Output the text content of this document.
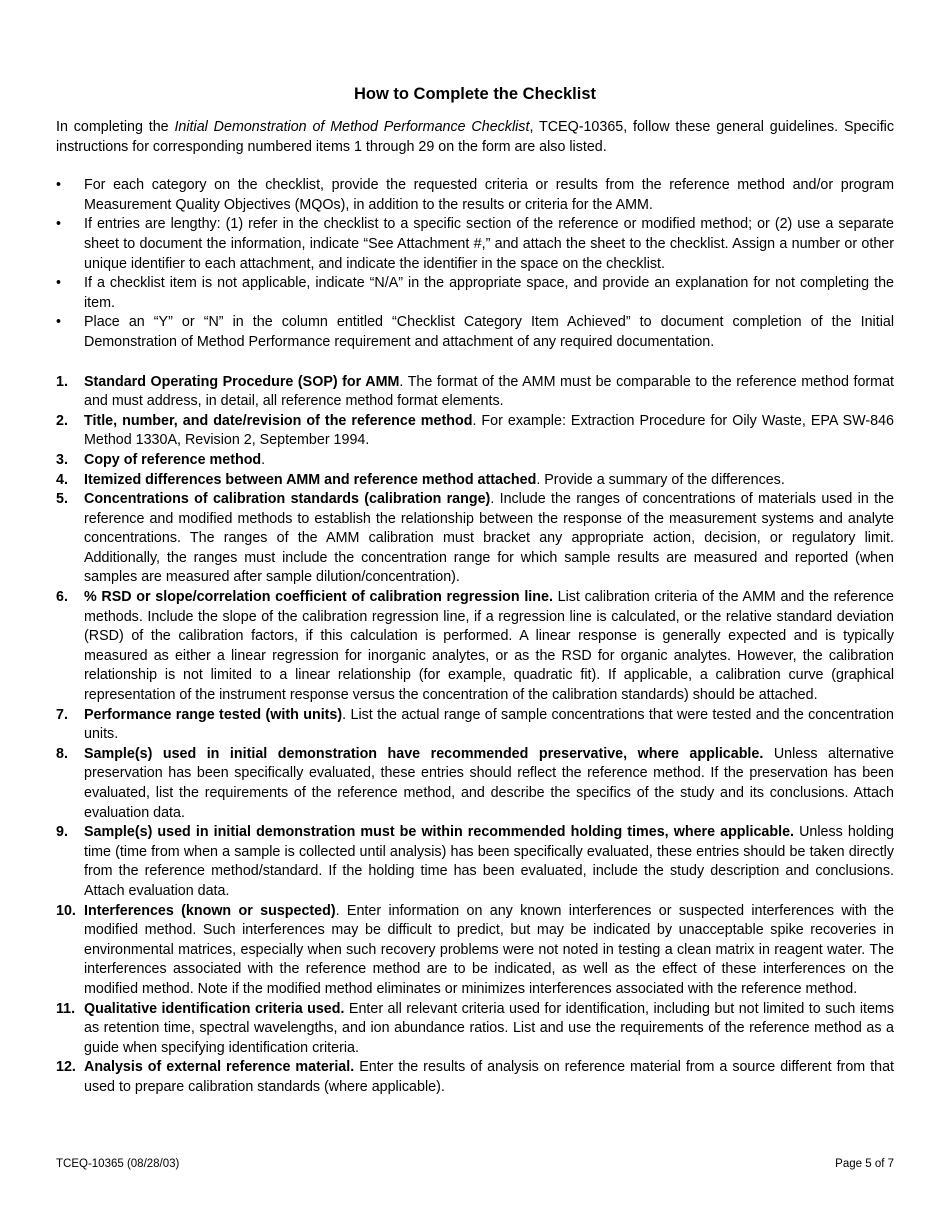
How to Complete the Checklist

In completing the Initial Demonstration of Method Performance Checklist, TCEQ-10365, follow these general guidelines. Specific instructions for corresponding numbered items 1 through 29 on the form are also listed.

• For each category on the checklist, provide the requested criteria or results from the reference method and/or program Measurement Quality Objectives (MQOs), in addition to the results or criteria for the AMM.
• If entries are lengthy: (1) refer in the checklist to a specific section of the reference or modified method; or (2) use a separate sheet to document the information, indicate “See Attachment #,” and attach the sheet to the checklist. Assign a number or other unique identifier to each attachment, and indicate the identifier in the space on the checklist.
• If a checklist item is not applicable, indicate “N/A” in the appropriate space, and provide an explanation for not completing the item.
• Place an “Y” or “N” in the column entitled “Checklist Category Item Achieved” to document completion of the Initial Demonstration of Method Performance requirement and attachment of any required documentation.
1. Standard Operating Procedure (SOP) for AMM. The format of the AMM must be comparable to the reference method format and must address, in detail, all reference method format elements.
2. Title, number, and date/revision of the reference method. For example: Extraction Procedure for Oily Waste, EPA SW-846 Method 1330A, Revision 2, September 1994.
3. Copy of reference method.
4. Itemized differences between AMM and reference method attached. Provide a summary of the differences.
5. Concentrations of calibration standards (calibration range). Include the ranges of concentrations of materials used in the reference and modified methods to establish the relationship between the response of the measurement systems and analyte concentrations. The ranges of the AMM calibration must bracket any appropriate action, decision, or regulatory limit. Additionally, the ranges must include the concentration range for which sample results are measured and reported (when samples are measured after sample dilution/concentration).
6. % RSD or slope/correlation coefficient of calibration regression line. List calibration criteria of the AMM and the reference methods. Include the slope of the calibration regression line, if a regression line is calculated, or the relative standard deviation (RSD) of the calibration factors, if this calculation is performed. A linear response is generally expected and is typically measured as either a linear regression for inorganic analytes, or as the RSD for organic analytes. However, the calibration relationship is not limited to a linear relationship (for example, quadratic fit). If applicable, a calibration curve (graphical representation of the instrument response versus the concentration of the calibration standards) should be attached.
7. Performance range tested (with units). List the actual range of sample concentrations that were tested and the concentration units.
8. Sample(s) used in initial demonstration have recommended preservative, where applicable. Unless alternative preservation has been specifically evaluated, these entries should reflect the reference method. If the preservation has been evaluated, list the requirements of the reference method, and describe the specifics of the study and its conclusions. Attach evaluation data.
9. Sample(s) used in initial demonstration must be within recommended holding times, where applicable. Unless holding time (time from when a sample is collected until analysis) has been specifically evaluated, these entries should be taken directly from the reference method/standard. If the holding time has been evaluated, include the study description and conclusions. Attach evaluation data.
10. Interferences (known or suspected). Enter information on any known interferences or suspected interferences with the modified method. Such interferences may be difficult to predict, but may be indicated by unacceptable spike recoveries in environmental matrices, especially when such recovery problems were not noted in testing a clean matrix in reagent water. The interferences associated with the reference method are to be indicated, as well as the effect of these interferences on the modified method. Note if the modified method eliminates or minimizes interferences associated with the reference method.
11. Qualitative identification criteria used. Enter all relevant criteria used for identification, including but not limited to such items as retention time, spectral wavelengths, and ion abundance ratios. List and use the requirements of the reference method as a guide when specifying identification criteria.
12. Analysis of external reference material. Enter the results of analysis on reference material from a source different from that used to prepare calibration standards (where applicable).
TCEQ-10365 (08/28/03)	Page 5 of 7
